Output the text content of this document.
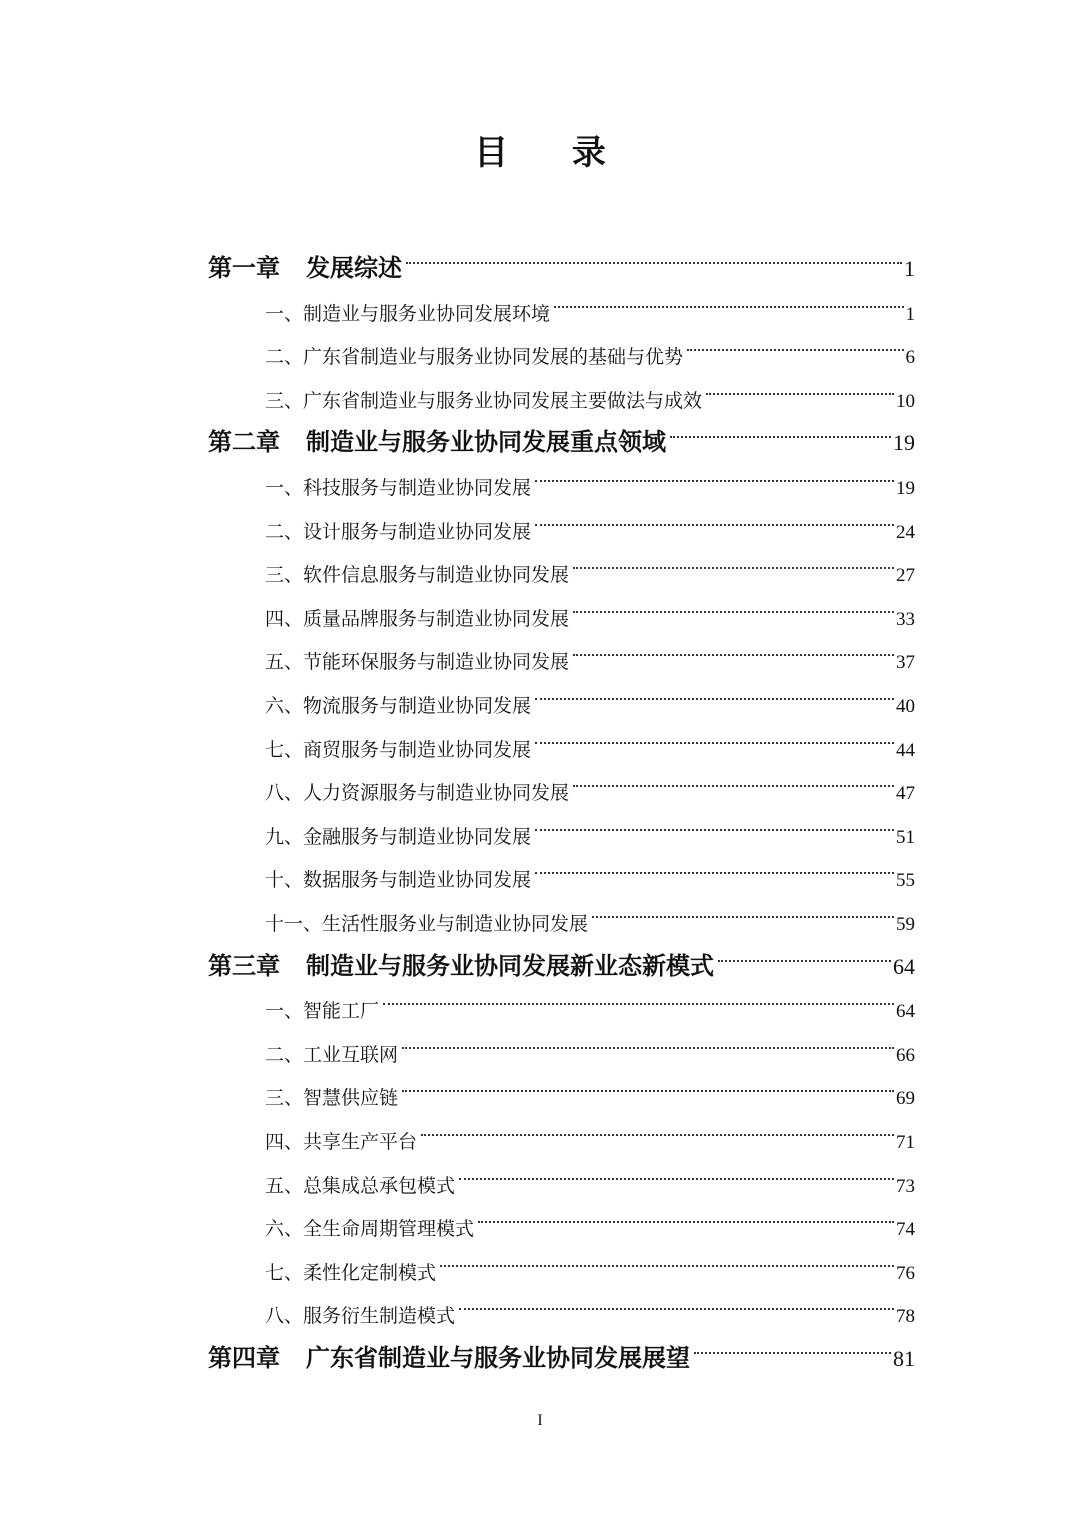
目 录
第一章 发展综述	1
一、制造业与服务业协同发展环境	1
二、广东省制造业与服务业协同发展的基础与优势	6
三、广东省制造业与服务业协同发展主要做法与成效	10
第二章 制造业与服务业协同发展重点领域	19
一、科技服务与制造业协同发展	19
二、设计服务与制造业协同发展	24
三、软件信息服务与制造业协同发展	27
四、质量品牌服务与制造业协同发展	33
五、节能环保服务与制造业协同发展	37
六、物流服务与制造业协同发展	40
七、商贸服务与制造业协同发展	44
八、人力资源服务与制造业协同发展	47
九、金融服务与制造业协同发展	51
十、数据服务与制造业协同发展	55
十一、生活性服务业与制造业协同发展	59
第三章 制造业与服务业协同发展新业态新模式	64
一、智能工厂	64
二、工业互联网	66
三、智慧供应链	69
四、共享生产平台	71
五、总集成总承包模式	73
六、全生命周期管理模式	74
七、柔性化定制模式	76
八、服务衍生制造模式	78
第四章 广东省制造业与服务业协同发展展望	81
I
